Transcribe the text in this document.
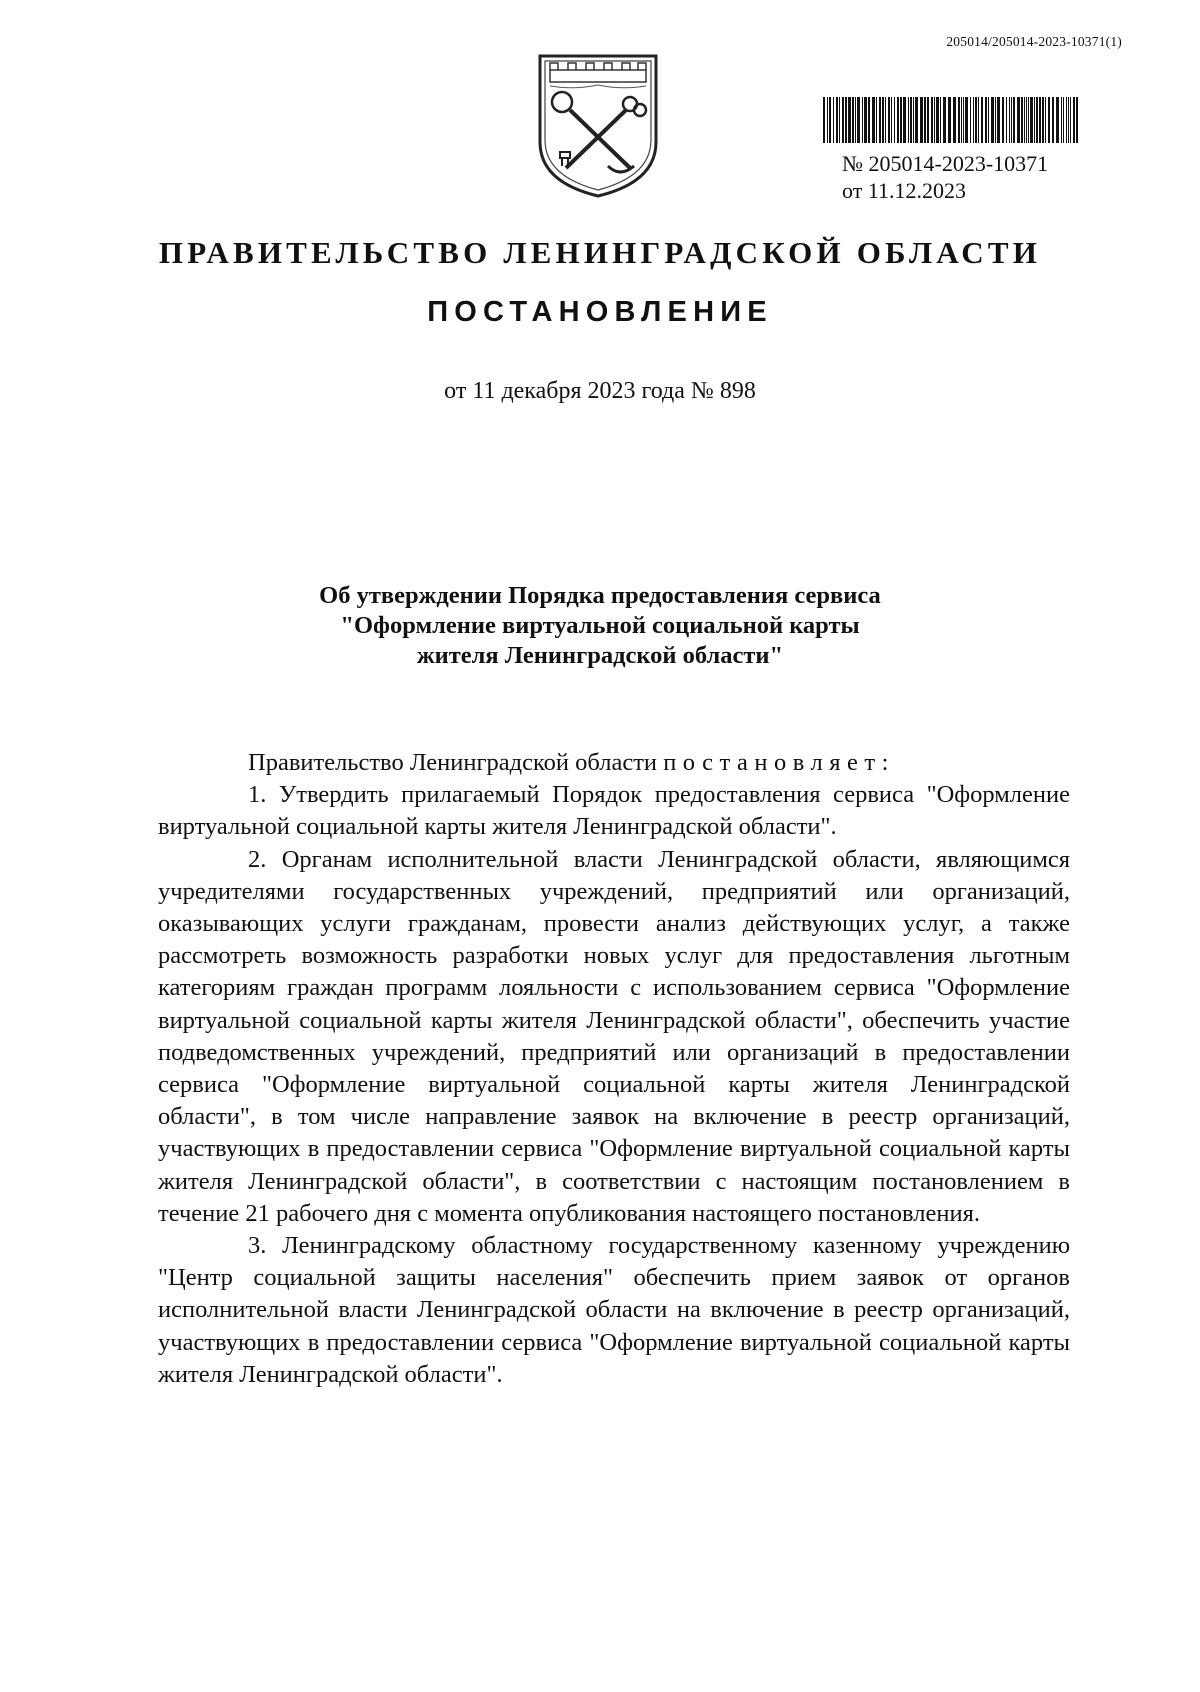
205014/205014-2023-10371(1)
№ 205014-2023-10371
от 11.12.2023
ПРАВИТЕЛЬСТВО ЛЕНИНГРАДСКОЙ ОБЛАСТИ
ПОСТАНОВЛЕНИЕ
от 11 декабря 2023 года № 898
Об утверждении Порядка предоставления сервиса
"Оформление виртуальной социальной карты
жителя Ленинградской области"

Правительство Ленинградской области постановляет:

1. Утвердить прилагаемый Порядок предоставления сервиса "Оформление виртуальной социальной карты жителя Ленинградской области".

2. Органам исполнительной власти Ленинградской области, являющимся учредителями государственных учреждений, предприятий или организаций, оказывающих услуги гражданам, провести анализ действующих услуг, а также рассмотреть возможность разработки новых услуг для предоставления льготным категориям граждан программ лояльности с использованием сервиса "Оформление виртуальной социальной карты жителя Ленинградской области", обеспечить участие подведомственных учреждений, предприятий или организаций в предоставлении сервиса "Оформление виртуальной социальной карты жителя Ленинградской области", в том числе направление заявок на включение в реестр организаций, участвующих в предоставлении сервиса "Оформление виртуальной социальной карты жителя Ленинградской области", в соответствии с настоящим постановлением в течение 21 рабочего дня с момента опубликования настоящего постановления.

3. Ленинградскому областному государственному казенному учреждению "Центр социальной защиты населения" обеспечить прием заявок от органов исполнительной власти Ленинградской области на включение в реестр организаций, участвующих в предоставлении сервиса "Оформление виртуальной социальной карты жителя Ленинградской области".
